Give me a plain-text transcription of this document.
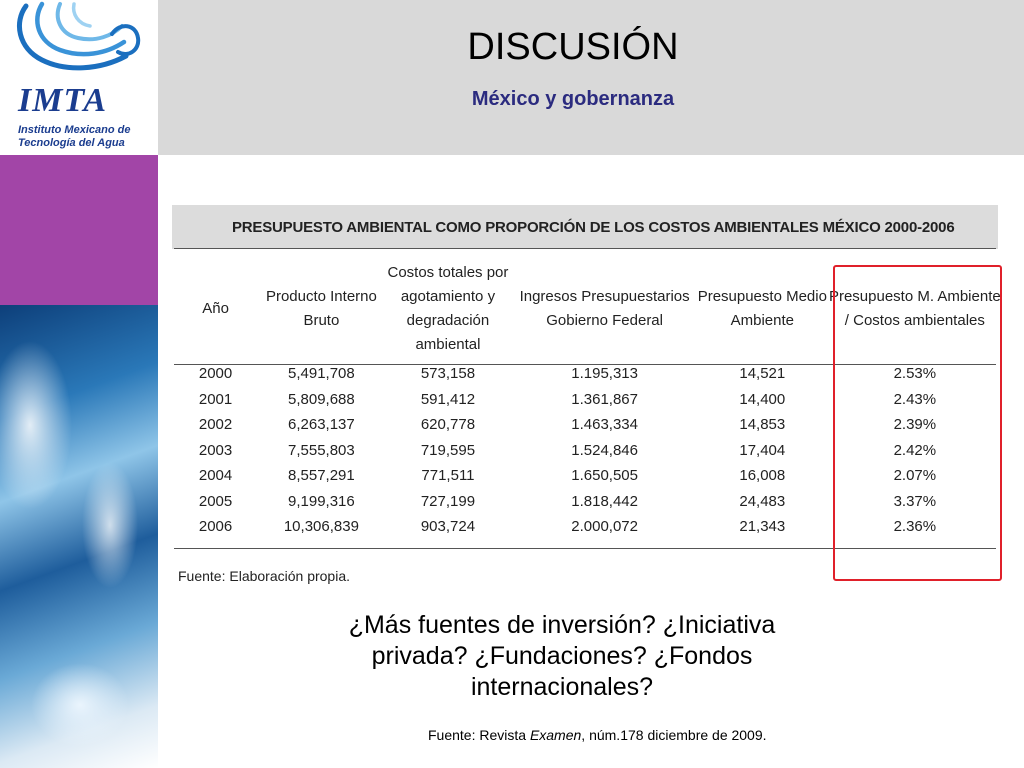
IMTA
Instituto Mexicano de
Tecnología del Agua
DISCUSIÓN
México y gobernanza
PRESUPUESTO AMBIENTAL COMO PROPORCIÓN DE LOS COSTOS AMBIENTALES MÉXICO 2000-2006
Año	Producto Interno Bruto	Costos totales por agotamiento y degradación ambiental	Ingresos Presupuestarios Gobierno Federal	Presupuesto Medio Ambiente	Presupuesto M. Ambiente / Costos ambientales
2000	5,491,708	573,158	1.195,313	14,521	2.53%
2001	5,809,688	591,412	1.361,867	14,400	2.43%
2002	6,263,137	620,778	1.463,334	14,853	2.39%
2003	7,555,803	719,595	1.524,846	17,404	2.42%
2004	8,557,291	771,511	1.650,505	16,008	2.07%
2005	9,199,316	727,199	1.818,442	24,483	3.37%
2006	10,306,839	903,724	2.000,072	21,343	2.36%
Fuente: Elaboración propia.
¿Más fuentes de inversión? ¿Iniciativa privada? ¿Fundaciones? ¿Fondos internacionales?
Fuente: Revista Examen, núm.178 diciembre de 2009.
